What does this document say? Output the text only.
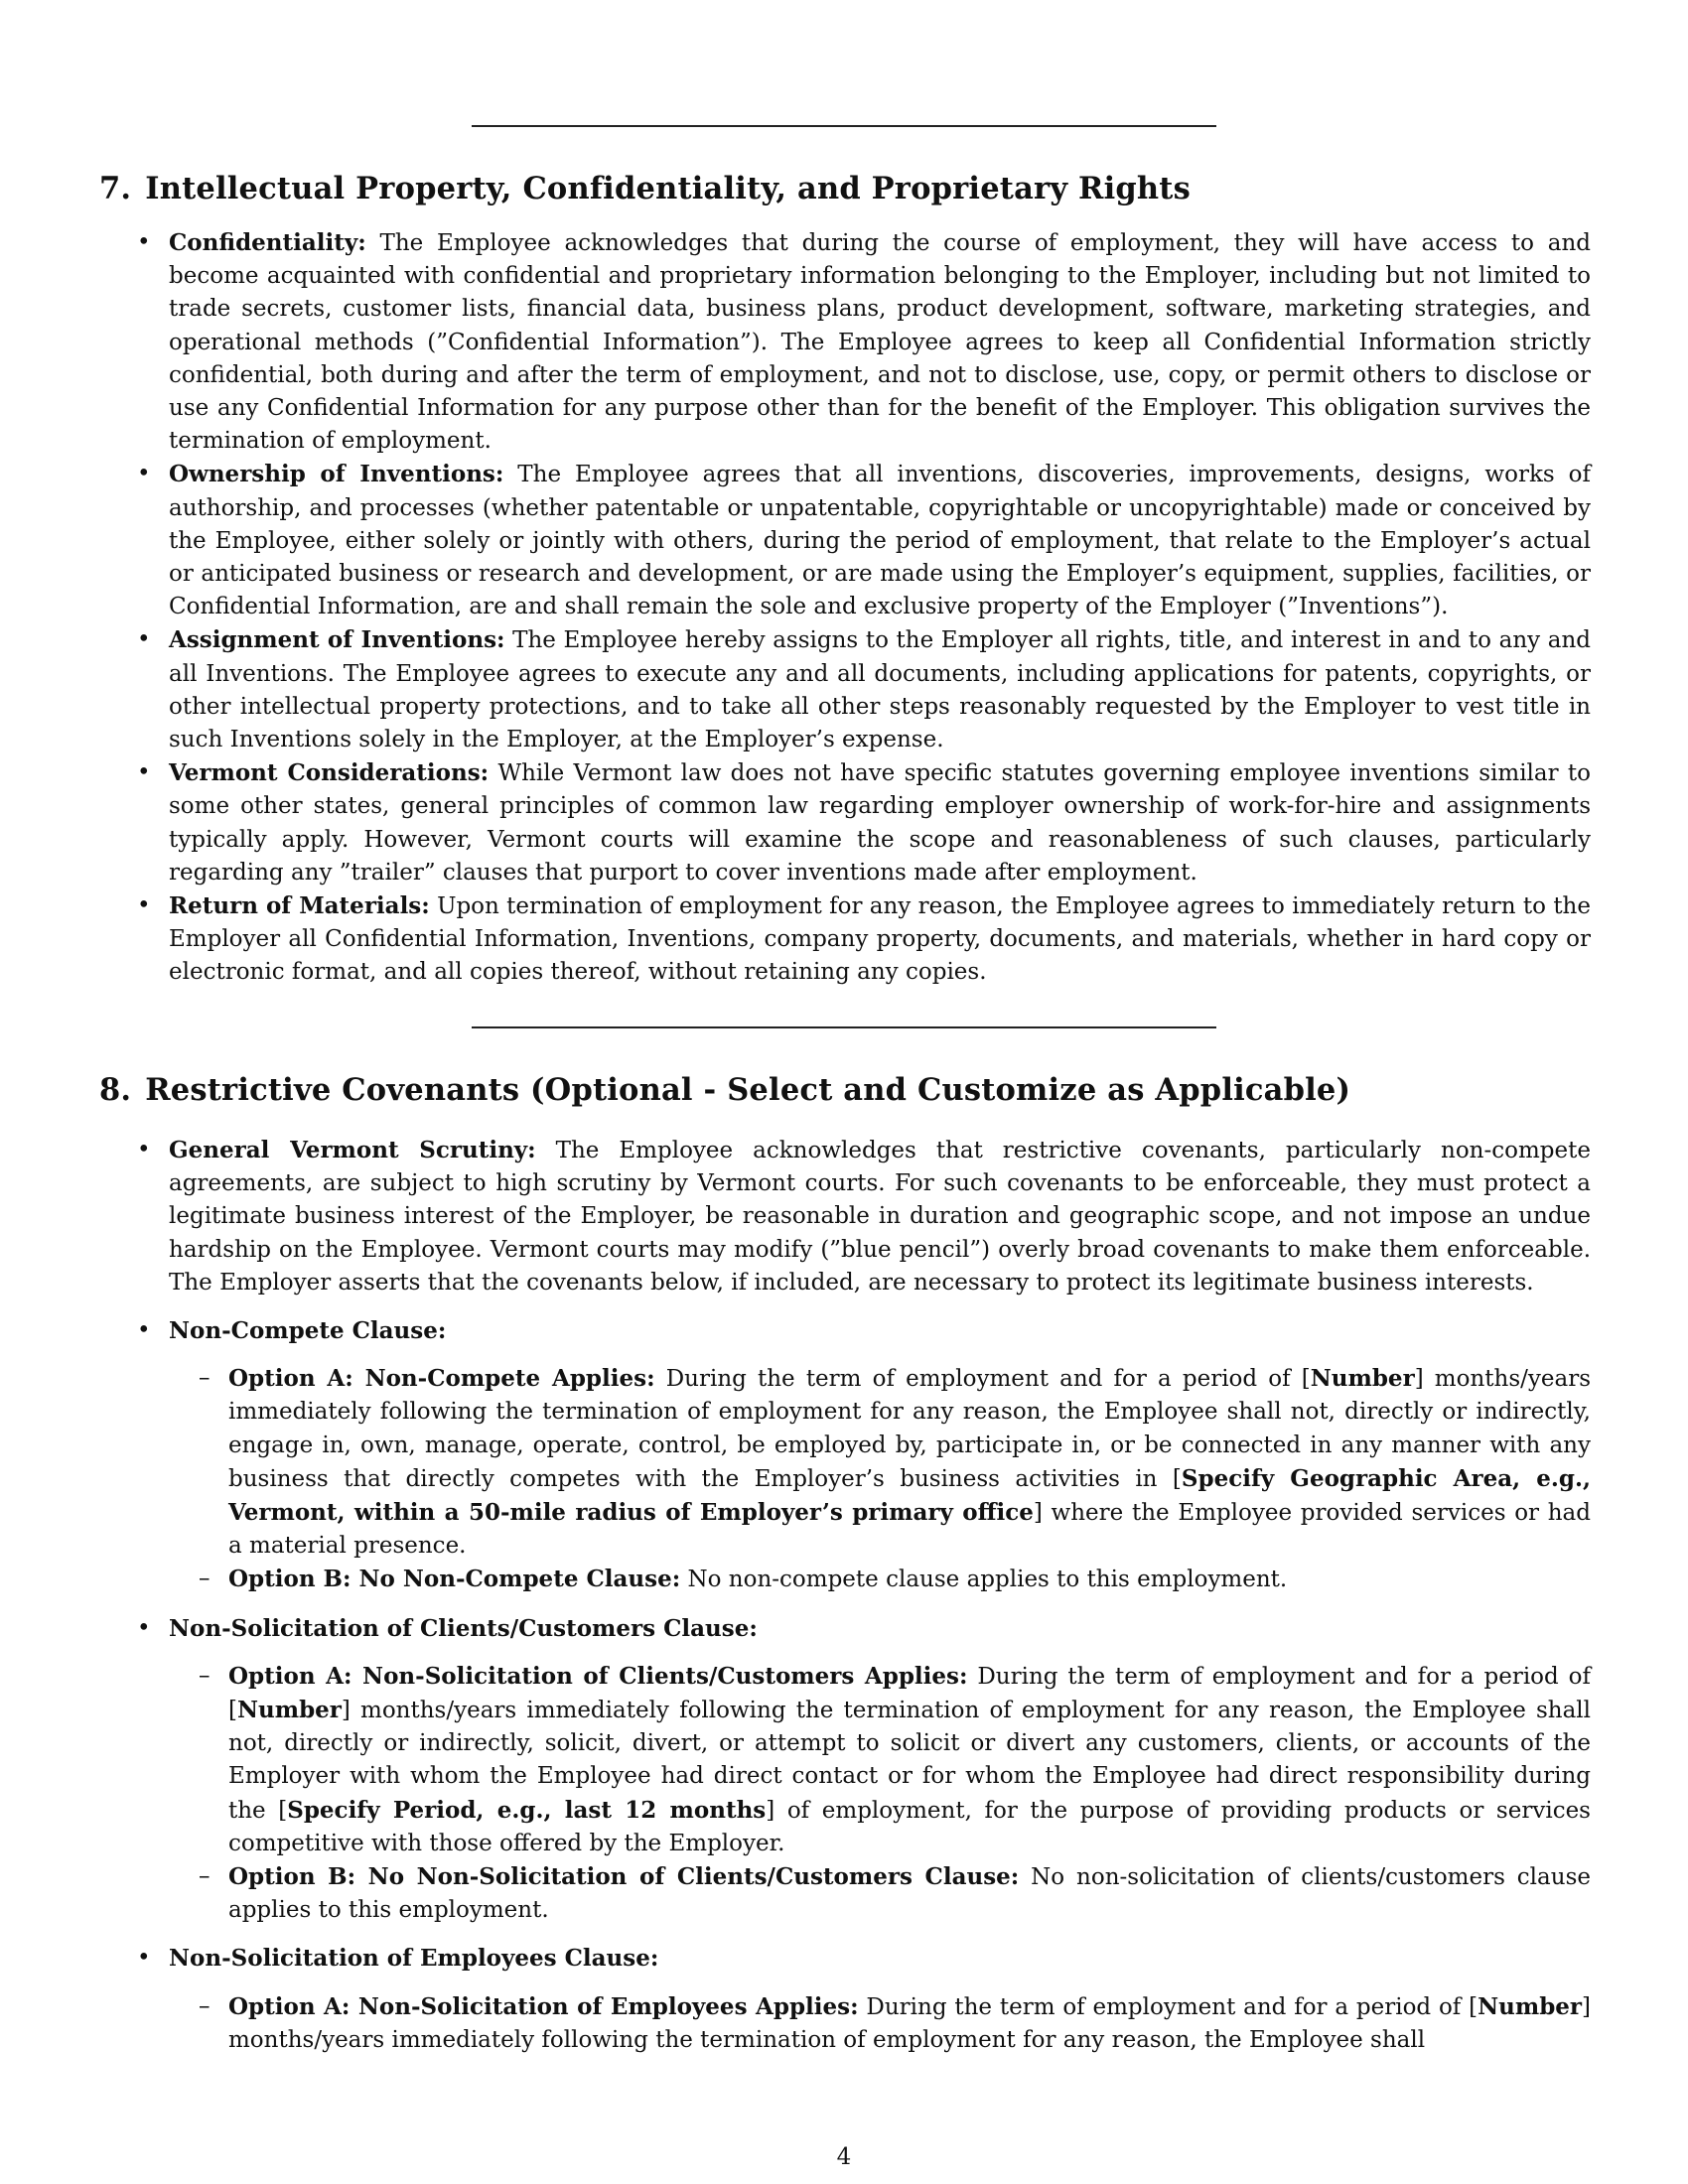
7. Intellectual Property, Confidentiality, and Proprietary Rights
• Confidentiality: The Employee acknowledges that during the course of employment, they will have access to and become acquainted with confidential and proprietary information belonging to the Employer, including but not limited to trade secrets, customer lists, financial data, business plans, product development, software, marketing strategies, and operational methods (”Confidential Information”). The Employee agrees to keep all Confidential Information strictly confidential, both during and after the term of employment, and not to disclose, use, copy, or permit others to disclose or use any Confidential Information for any purpose other than for the benefit of the Employer. This obligation survives the termination of employment.
• Ownership of Inventions: The Employee agrees that all inventions, discoveries, improvements, designs, works of authorship, and processes (whether patentable or unpatentable, copyrightable or uncopyrightable) made or conceived by the Employee, either solely or jointly with others, during the period of employment, that relate to the Employer’s actual or anticipated business or research and development, or are made using the Employer’s equipment, supplies, facilities, or Confidential Information, are and shall remain the sole and exclusive property of the Employer (”Inventions”).
• Assignment of Inventions: The Employee hereby assigns to the Employer all rights, title, and interest in and to any and all Inventions. The Employee agrees to execute any and all documents, including applications for patents, copyrights, or other intellectual property protections, and to take all other steps reasonably requested by the Employer to vest title in such Inventions solely in the Employer, at the Employer’s expense.
• Vermont Considerations: While Vermont law does not have specific statutes governing employee inventions similar to some other states, general principles of common law regarding employer ownership of work-for-hire and assignments typically apply. However, Vermont courts will examine the scope and reasonableness of such clauses, particularly regarding any ”trailer” clauses that purport to cover inventions made after employment.
• Return of Materials: Upon termination of employment for any reason, the Employee agrees to immediately return to the Employer all Confidential Information, Inventions, company property, documents, and materials, whether in hard copy or electronic format, and all copies thereof, without retaining any copies.
8. Restrictive Covenants (Optional - Select and Customize as Applicable)
• General Vermont Scrutiny: The Employee acknowledges that restrictive covenants, particularly non-compete agreements, are subject to high scrutiny by Vermont courts. For such covenants to be enforceable, they must protect a legitimate business interest of the Employer, be reasonable in duration and geographic scope, and not impose an undue hardship on the Employee. Vermont courts may modify (”blue pencil”) overly broad covenants to make them enforceable. The Employer asserts that the covenants below, if included, are necessary to protect its legitimate business interests.
• Non-Compete Clause:
– Option A: Non-Compete Applies: During the term of employment and for a period of [Number] months/years immediately following the termination of employment for any reason, the Employee shall not, directly or indirectly, engage in, own, manage, operate, control, be employed by, participate in, or be connected in any manner with any business that directly competes with the Employer’s business activities in [Specify Geographic Area, e.g., Vermont, within a 50-mile radius of Employer’s primary office] where the Employee provided services or had a material presence.
– Option B: No Non-Compete Clause: No non-compete clause applies to this employment.
• Non-Solicitation of Clients/Customers Clause:
– Option A: Non-Solicitation of Clients/Customers Applies: During the term of employment and for a period of [Number] months/years immediately following the termination of employment for any reason, the Employee shall not, directly or indirectly, solicit, divert, or attempt to solicit or divert any customers, clients, or accounts of the Employer with whom the Employee had direct contact or for whom the Employee had direct responsibility during the [Specify Period, e.g., last 12 months] of employment, for the purpose of providing products or services competitive with those offered by the Employer.
– Option B: No Non-Solicitation of Clients/Customers Clause: No non-solicitation of clients/customers clause applies to this employment.
• Non-Solicitation of Employees Clause:
– Option A: Non-Solicitation of Employees Applies: During the term of employment and for a period of [Number] months/years immediately following the termination of employment for any reason, the Employee shall
4
